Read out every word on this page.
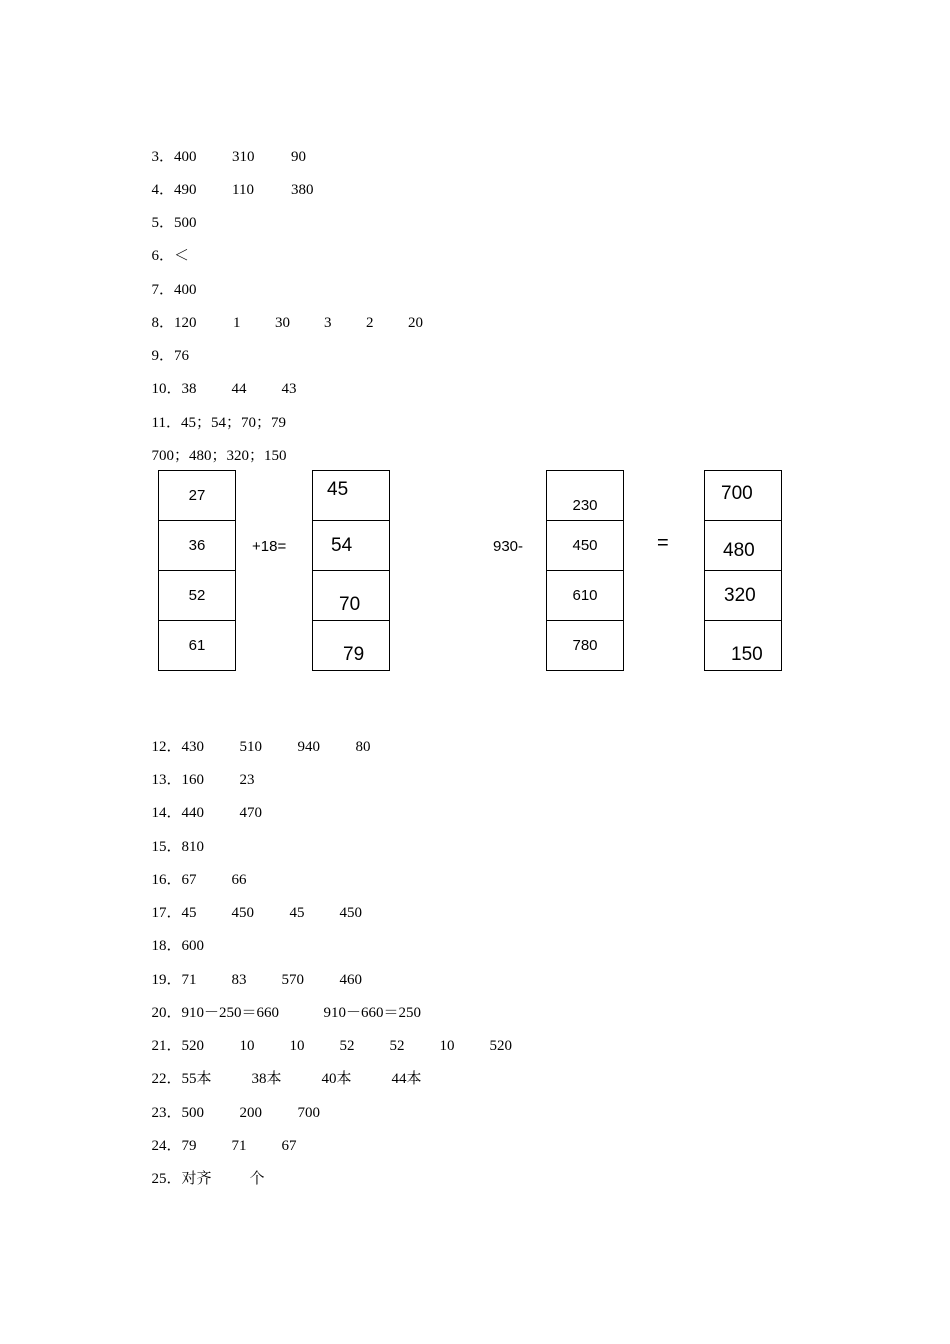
3．400 310 90

4．490 110 380

5．500

6．＜

7．400

8．120 1 30 3 2 20

9．76

10．38 44 43

11．45；54；70；79

700；480；320；150

27
36
52
61
+18=
45
54
70
79
930-
230
450
610
780
=
700
480
320
150

12．430 510 940 80

13．160 23

14．440 470

15．810

16．67 66

17．45 450 45 450

18．600

19．71 83 570 460

20．910－250＝660	910－660＝250

21．520 10 10 52 52 10 520

22．55本	38本	40本	44本

23．500 200 700

24．79 71 67

25．对齐	个
